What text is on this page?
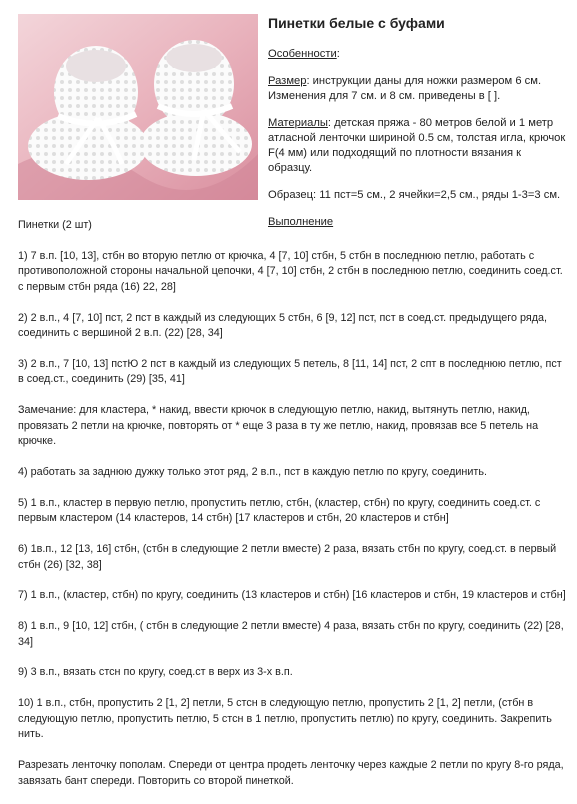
Пинетки белые с буфами

Особенности:

Размер: инструкции даны для ножки размером 6 см. Изменения для 7 см. и 8 см. приведены в [ ].

Материалы: детская пряжа - 80 метров белой и 1 метр атласной ленточки шириной 0.5 см, толстая игла, крючок F(4 мм) или подходящий по плотности вязания к образцу.

Образец: 11 пст=5 см., 2 ячейки=2,5 см., ряды 1-3=3 см.

Выполнение

Пинетки (2 шт)

1) 7 в.п. [10, 13], стбн во вторую петлю от крючка, 4 [7, 10] стбн, 5 стбн в последнюю петлю, работать с противоположной стороны начальной цепочки, 4 [7, 10] стбн, 2 стбн в последнюю петлю, соединить соед.ст. с первым стбн ряда (16) 22, 28]

2) 2 в.п., 4 [7, 10] пст, 2 пст в каждый из следующих 5 стбн, 6 [9, 12] пст, пст в соед.ст. предыдущего ряда, соединить с вершиной 2 в.п. (22) [28, 34]

3) 2 в.п., 7 [10, 13] пстЮ 2 пст в каждый из следующих 5 петель, 8 [11, 14] пст, 2 спт в последнюю петлю, пст в соед.ст., соединить (29) [35, 41]

Замечание: для кластера, * накид, ввести крючок в следующую петлю, накид, вытянуть петлю, накид, провязать 2 петли на крючке, повторять от * еще 3 раза в ту же петлю, накид, провязав все 5 петель на крючке.

4) работать за заднюю дужку только этот ряд, 2 в.п., пст в каждую петлю по кругу, соединить.

5) 1 в.п., кластер в первую петлю, пропустить петлю, стбн, (кластер, стбн) по кругу, соединить соед.ст. с первым кластером (14 кластеров, 14 стбн) [17 кластеров и стбн, 20 кластеров и стбн]

6) 1в.п., 12 [13, 16] стбн, (стбн в следующие 2 петли вместе) 2 раза, вязать стбн по кругу, соед.ст. в первый стбн (26) [32, 38]

7) 1 в.п., (кластер, стбн) по кругу, соединить (13 кластеров и стбн) [16 кластеров и стбн, 19 кластеров и стбн]

8) 1 в.п., 9 [10, 12] стбн, ( стбн в следующие 2 петли вместе) 4 раза, вязать стбн по кругу, соединить (22) [28, 34]

9) 3 в.п., вязать стсн по кругу, соед.ст в верх из 3-х в.п.

10) 1 в.п., стбн, пропустить 2 [1, 2] петли, 5 стсн в следующую петлю, пропустить 2 [1, 2] петли, (стбн в следующую петлю, пропустить петлю, 5 стсн в 1 петлю, пропустить петлю) по кругу, соединить. Закрепить нить.

Разрезать ленточку пополам. Спереди от центра продеть ленточку через каждые 2 петли по кругу 8-го ряда, завязать бант спереди. Повторить со второй пинеткой.
